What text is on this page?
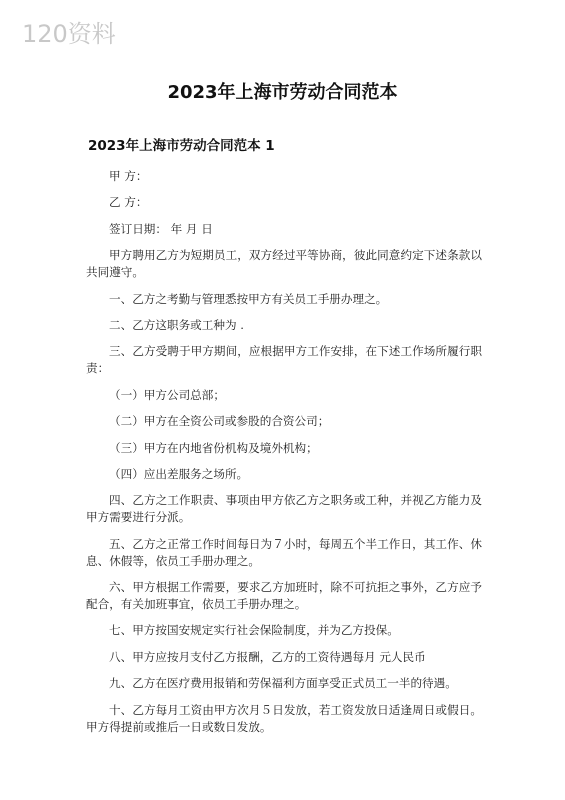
120资料
2023年上海市劳动合同范本
2023年上海市劳动合同范本 1

甲 方：

乙 方：

签订日期： 年 月 日

甲方聘用乙方为短期员工，双方经过平等协商，彼此同意约定下述条款以共同遵守。

一、乙方之考勤与管理悉按甲方有关员工手册办理之。

二、乙方这职务或工种为 .

三、乙方受聘于甲方期间，应根据甲方工作安排，在下述工作场所履行职责：

（一）甲方公司总部；

（二）甲方在全资公司或参股的合资公司；

（三）甲方在内地省份机构及境外机构；

（四）应出差服务之场所。

四、乙方之工作职责、事项由甲方依乙方之职务或工种，并视乙方能力及甲方需要进行分派。

五、乙方之正常工作时间每日为７小时，每周五个半工作日，其工作、休息、休假等，依员工手册办理之。

六、甲方根据工作需要，要求乙方加班时，除不可抗拒之事外，乙方应予配合，有关加班事宜，依员工手册办理之。

七、甲方按国安规定实行社会保险制度，并为乙方投保。

八、甲方应按月支付乙方报酬，乙方的工资待遇每月 元人民币

九、乙方在医疗费用报销和劳保福利方面享受正式员工一半的待遇。

十、乙方每月工资由甲方次月５日发放，若工资发放日适逢周日或假日。甲方得提前或推后一日或数日发放。
